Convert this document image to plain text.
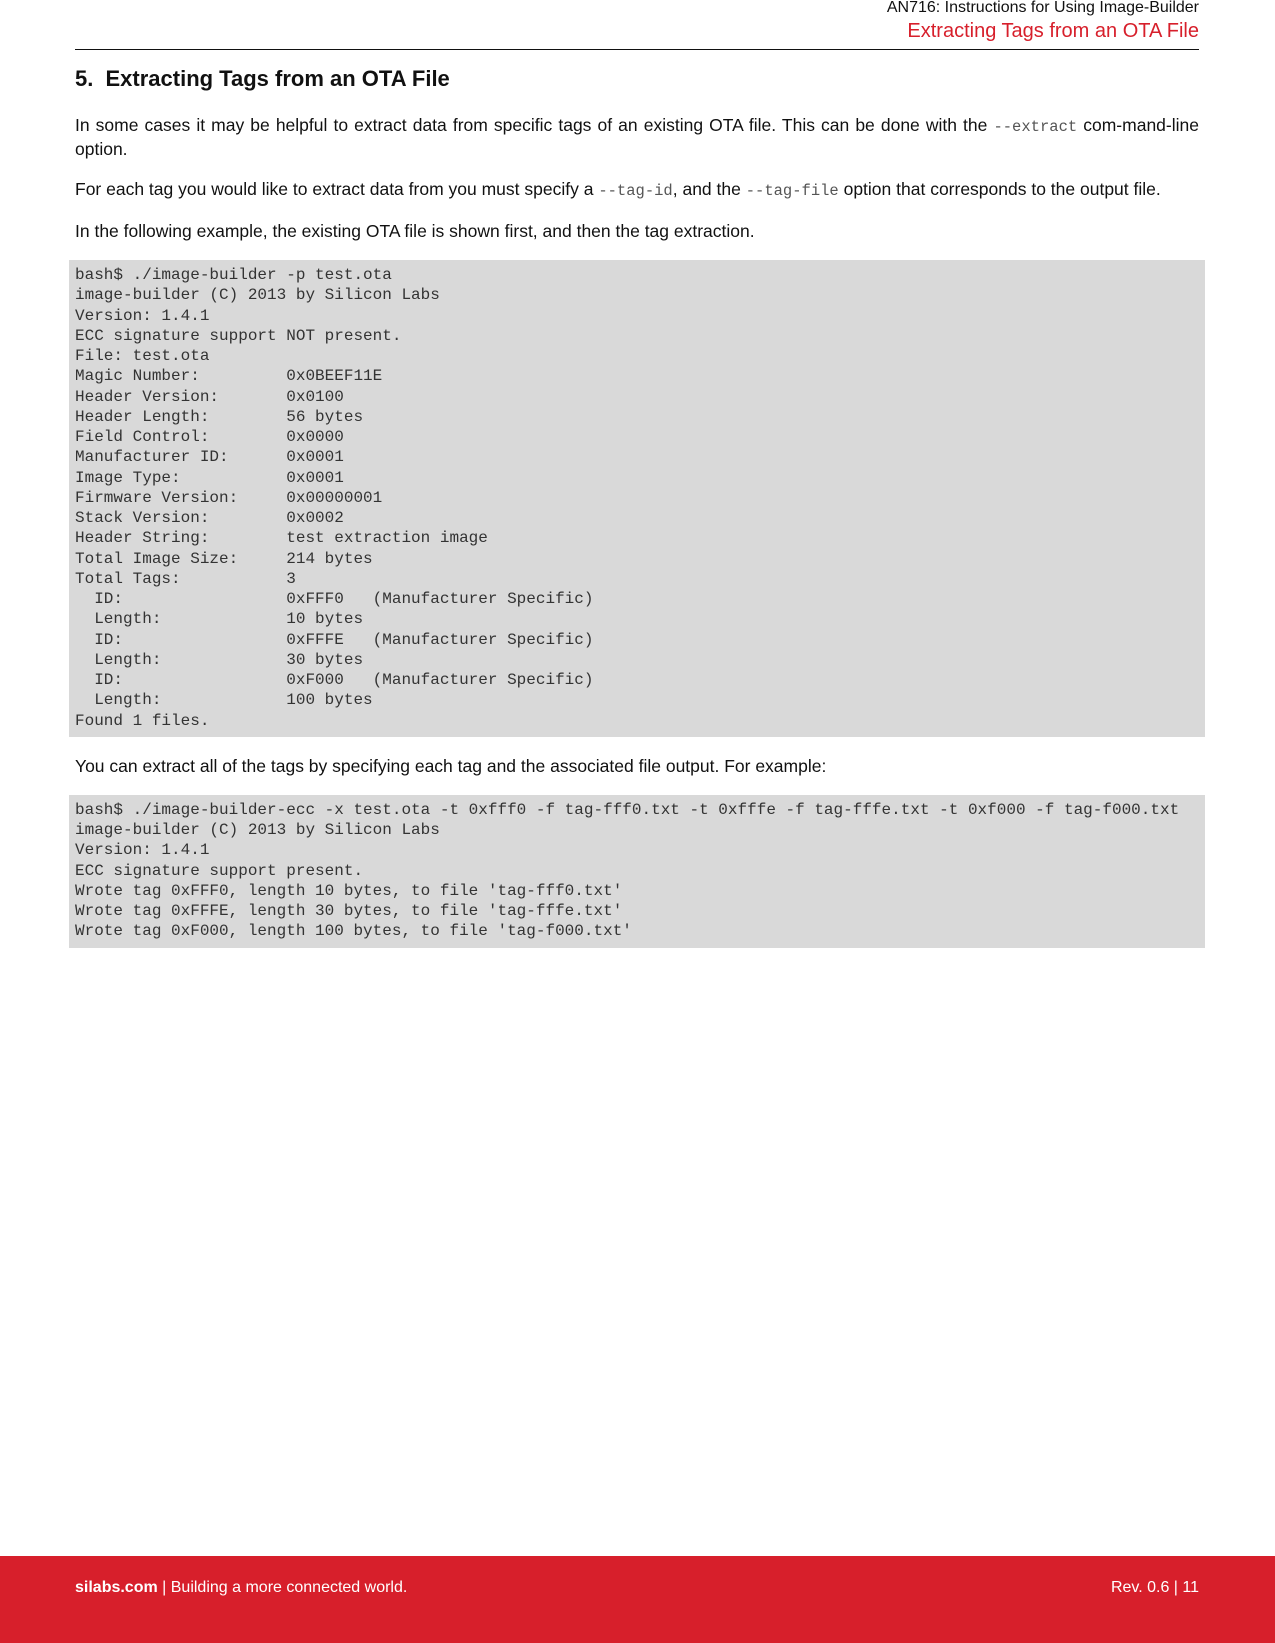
AN716: Instructions for Using Image-Builder
Extracting Tags from an OTA File
5. Extracting Tags from an OTA File

In some cases it may be helpful to extract data from specific tags of an existing OTA file. This can be done with the --extract com-mand-line option.

For each tag you would like to extract data from you must specify a --tag-id, and the --tag-file option that corresponds to the output file.

In the following example, the existing OTA file is shown first, and then the tag extraction.

bash$ ./image-builder -p test.ota
image-builder (C) 2013 by Silicon Labs
Version: 1.4.1
ECC signature support NOT present.
File: test.ota
Magic Number:         0x0BEEF11E
Header Version:       0x0100
Header Length:        56 bytes
Field Control:        0x0000
Manufacturer ID:      0x0001
Image Type:           0x0001
Firmware Version:     0x00000001
Stack Version:        0x0002
Header String:        test extraction image
Total Image Size:     214 bytes
Total Tags:           3
ID:                 0xFFF0   (Manufacturer Specific)
Length:             10 bytes
ID:                 0xFFFE   (Manufacturer Specific)
Length:             30 bytes
ID:                 0xF000   (Manufacturer Specific)
Length:             100 bytes
Found 1 files.

You can extract all of the tags by specifying each tag and the associated file output. For example:

bash$ ./image-builder-ecc -x test.ota -t 0xfff0 -f tag-fff0.txt -t 0xfffe -f tag-fffe.txt -t 0xf000 -f tag-f000.txt
image-builder (C) 2013 by Silicon Labs
Version: 1.4.1
ECC signature support present.
Wrote tag 0xFFF0, length 10 bytes, to file 'tag-fff0.txt'
Wrote tag 0xFFFE, length 30 bytes, to file 'tag-fffe.txt'
Wrote tag 0xF000, length 100 bytes, to file 'tag-f000.txt'
silabs.com | Building a more connected world.	Rev. 0.6 | 11
